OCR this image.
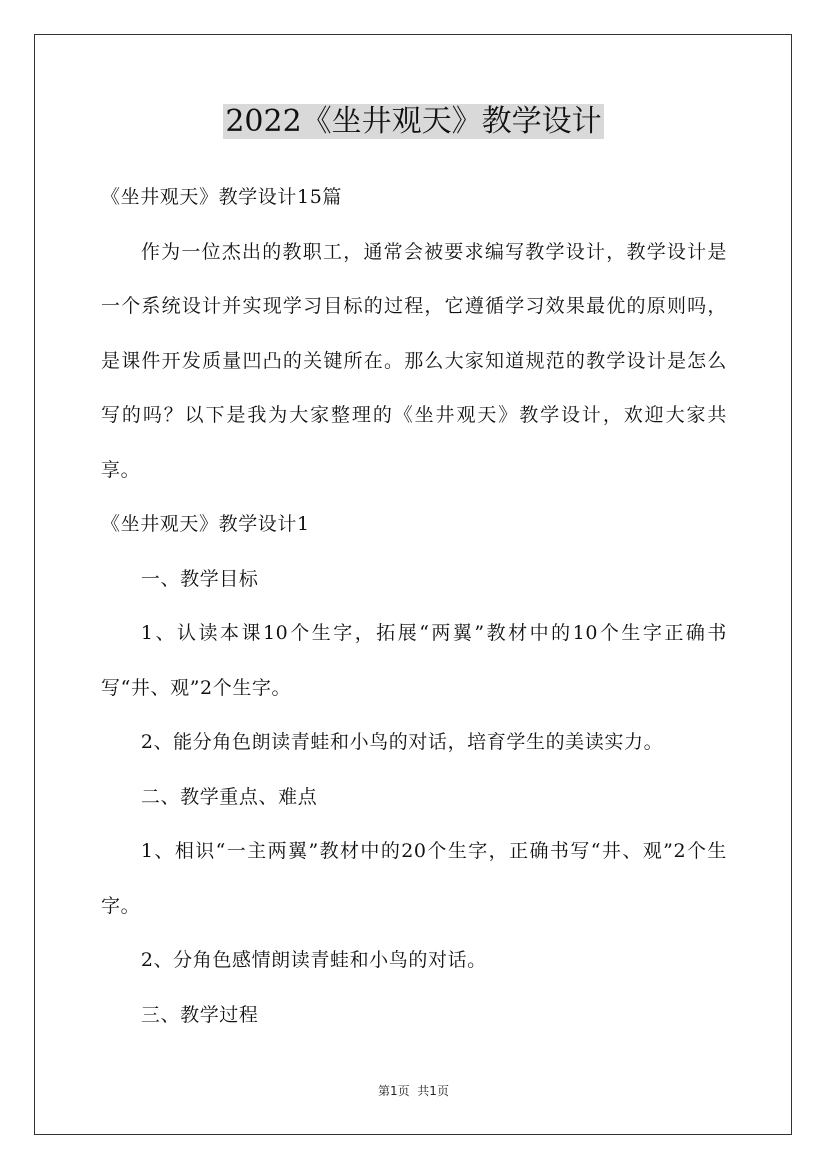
2022《坐井观天》教学设计

《坐井观天》教学设计15篇

作为一位杰出的教职工，通常会被要求编写教学设计，教学设计是一个系统设计并实现学习目标的过程，它遵循学习效果最优的原则吗，是课件开发质量凹凸的关键所在。那么大家知道规范的教学设计是怎么写的吗？以下是我为大家整理的《坐井观天》教学设计，欢迎大家共享。

《坐井观天》教学设计1

一、教学目标

1、认读本课10个生字，拓展“两翼”教材中的10个生字正确书写“井、观”2个生字。

2、能分角色朗读青蛙和小鸟的对话，培育学生的美读实力。

二、教学重点、难点

1、相识“一主两翼”教材中的20个生字，正确书写“井、观”2个生字。

2、分角色感情朗读青蛙和小鸟的对话。

三、教学过程

第1页  共1页
